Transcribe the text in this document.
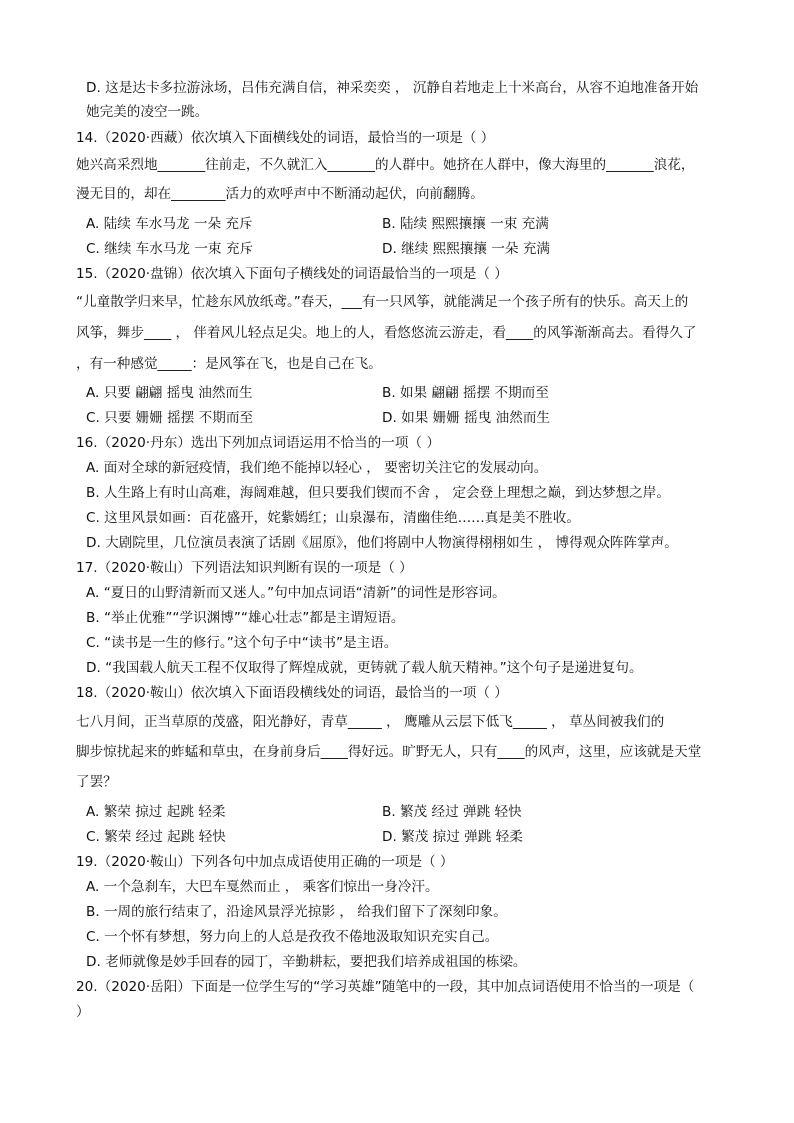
D. 这是达卡多拉游泳场，吕伟充满自信，神采奕奕 ， 沉静自若地走上十米高台，从容不迫地准备开始
她完美的凌空一跳。
14.（2020·西藏）依次填入下面横线处的词语，最恰当的一项是（ ）
她兴高采烈地_______往前走，不久就汇入_______的人群中。她挤在人群中，像大海里的_______浪花，
漫无目的，却在________活力的欢呼声中不断涌动起伏，向前翻腾。
A. 陆续 车水马龙 一朵 充斥	B. 陆续 熙熙攘攘 一束 充满
C. 继续 车水马龙 一束 充斥	D. 继续 熙熙攘攘 一朵 充满
15.（2020·盘锦）依次填入下面句子横线处的词语最恰当的一项是（ ）
“儿童散学归来早，忙趁东风放纸鸢。”春天，___有一只风筝，就能满足一个孩子所有的快乐。高天上的
风筝，舞步____ ， 伴着风儿轻点足尖。地上的人，看悠悠流云游走，看____的风筝渐渐高去。看得久了
，有一种感觉_____：是风筝在飞，也是自己在飞。
A. 只要 翩翩 摇曳 油然而生	B. 如果 翩翩 摇摆 不期而至
C. 只要 姗姗 摇摆 不期而至	D. 如果 姗姗 摇曳 油然而生
16.（2020·丹东）选出下列加点词语运用不恰当的一项（ ）
A. 面对全球的新冠疫情，我们绝不能掉以轻心 ， 要密切关注它的发展动向。
B. 人生路上有时山高难，海阔难越，但只要我们锲而不舍 ， 定会登上理想之巅，到达梦想之岸。
C. 这里风景如画：百花盛开，姹紫嫣红；山泉瀑布，清幽佳绝……真是美不胜收。
D. 大剧院里，几位演员表演了话剧《屈原》，他们将剧中人物演得栩栩如生 ， 博得观众阵阵掌声。
17.（2020·鞍山）下列语法知识判断有误的一项是（ ）
A. “夏日的山野清新而又迷人。”句中加点词语“清新”的词性是形容词。
B. “举止优雅”“学识渊博”“雄心壮志”都是主谓短语。
C. “读书是一生的修行。”这个句子中“读书”是主语。
D. “我国载人航天工程不仅取得了辉煌成就，更铸就了载人航天精神。”这个句子是递进复句。
18.（2020·鞍山）依次填入下面语段横线处的词语，最恰当的一项（ ）
七八月间，正当草原的茂盛，阳光静好，青草_____ ， 鹰雕从云层下低飞_____ ， 草丛间被我们的
脚步惊扰起来的蚱蜢和草虫，在身前身后____得好远。旷野无人，只有____的风声，这里，应该就是天堂
了罢？
A. 繁荣 掠过 起跳 轻柔	B. 繁茂 经过 弹跳 轻快
C. 繁荣 经过 起跳 轻快	D. 繁茂 掠过 弹跳 轻柔
19.（2020·鞍山）下列各句中加点成语使用正确的一项是（ ）
A. 一个急刹车，大巴车戛然而止 ， 乘客们惊出一身冷汗。
B. 一周的旅行结束了，沿途风景浮光掠影 ， 给我们留下了深刻印象。
C. 一个怀有梦想，努力向上的人总是孜孜不倦地汲取知识充实自己。
D. 老师就像是妙手回春的园丁，辛勤耕耘，要把我们培养成祖国的栋梁。
20.（2020·岳阳）下面是一位学生写的“学习英雄”随笔中的一段，其中加点词语使用不恰当的一项是（
）
